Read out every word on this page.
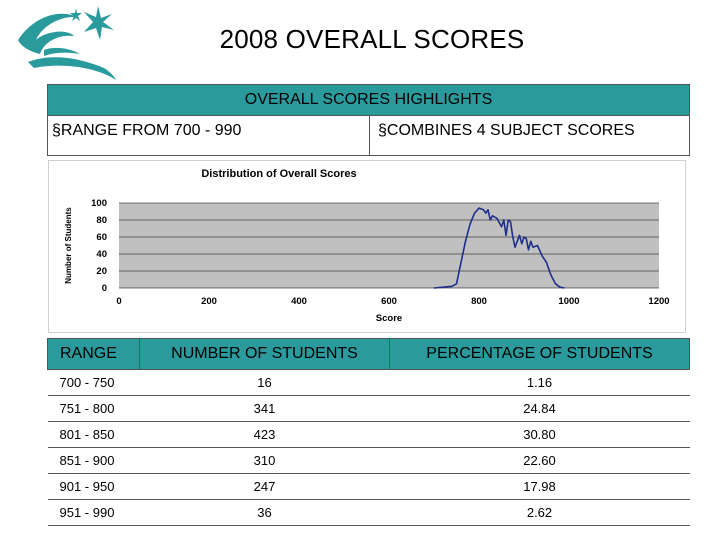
2008 OVERALL SCORES
OVERALL SCORES HIGHLIGHTS
§RANGE FROM 700 - 990	§COMBINES 4 SUBJECT SCORES
0
20
40
60
80
100
0	200	400	600	800	1000	1200
Distribution of Overall Scores
Score
Number of Students
RANGE	NUMBER OF STUDENTS	PERCENTAGE OF STUDENTS
700 - 750	16	1.16
751 - 800	341	24.84
801 - 850	423	30.80
851 - 900	310	22.60
901 - 950	247	17.98
951 - 990	36	2.62
